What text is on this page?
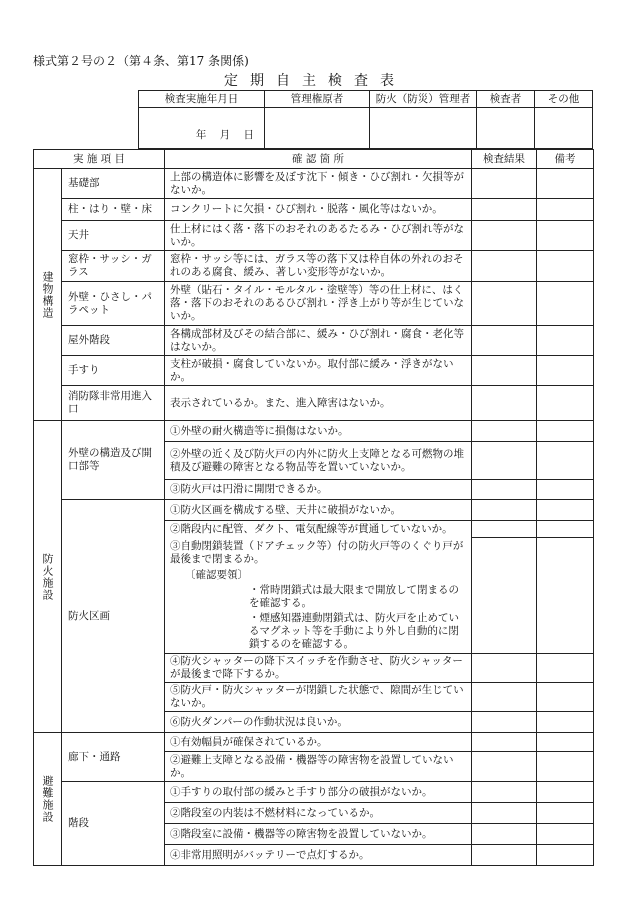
様式第２号の２（第４条、第17 条関係)
定期自主検査表
検査実施年月日	管理権原者	防火（防災）管理者	検査者	その他
年 月 日				
実 施 項 目		確 認 箇 所	検査結果	備考
建物構造	基礎部	上部の構造体に影響を及ぼす沈下・傾き・ひび割れ・欠損等がないか。		
	柱・はり・壁・床	コンクリートに欠損・ひび割れ・脱落・風化等はないか。		
	天井	仕上材にはく落・落下のおそれのあるたるみ・ひび割れ等がないか。		
	窓枠・サッシ・ガラス	窓枠・サッシ等には、ガラス等の落下又は枠自体の外れのおそれのある腐食、緩み、著しい変形等がないか。		
	外壁・ひさし・パラペット	外壁（貼石・タイル・モルタル・塗壁等）等の仕上材に、はく落・落下のおそれのあるひび割れ・浮き上がり等が生じていないか。		
	屋外階段	各構成部材及びその結合部に、緩み・ひび割れ・腐食・老化等はないか。		
	手すり	支柱が破損・腐食していないか。取付部に緩み・浮きがないか。		
	消防隊非常用進入口	表示されているか。また、進入障害はないか。		
防火施設	外壁の構造及び開口部等	①外壁の耐火構造等に損傷はないか。		
		②外壁の近く及び防火戸の内外に防火上支障となる可燃物の堆積及び避難の障害となる物品等を置いていないか。		
		③防火戸は円滑に開閉できるか。		
	防火区画	①防火区画を構成する壁、天井に破損がないか。		
		②階段内に配管、ダクト、電気配線等が貫通していないか。		
		③自動閉鎖装置（ドアチェック等）付の防火戸等のくぐり戸が最後まで閉まるか。		
		〔確認要領〕		
		・常時閉鎖式は最大限まで開放して閉まるのを確認する。		
		・煙感知器連動閉鎖式は、防火戸を止めているマグネット等を手動により外し自動的に閉鎖するのを確認する。		
		④防火シャッターの降下スイッチを作動させ、防火シャッターが最後まで降下するか。		
		⑤防火戸・防火シャッターが閉鎖した状態で、隙間が生じていないか。		
		⑥防火ダンパーの作動状況は良いか。		
避難施設	廊下・通路	①有効幅員が確保されているか。		
		②避難上支障となる設備・機器等の障害物を設置していないか。		
	階段	①手すりの取付部の緩みと手すり部分の破損がないか。		
		②階段室の内装は不燃材料になっているか。		
		③階段室に設備・機器等の障害物を設置していないか。		
		④非常用照明がバッテリーで点灯するか。		
